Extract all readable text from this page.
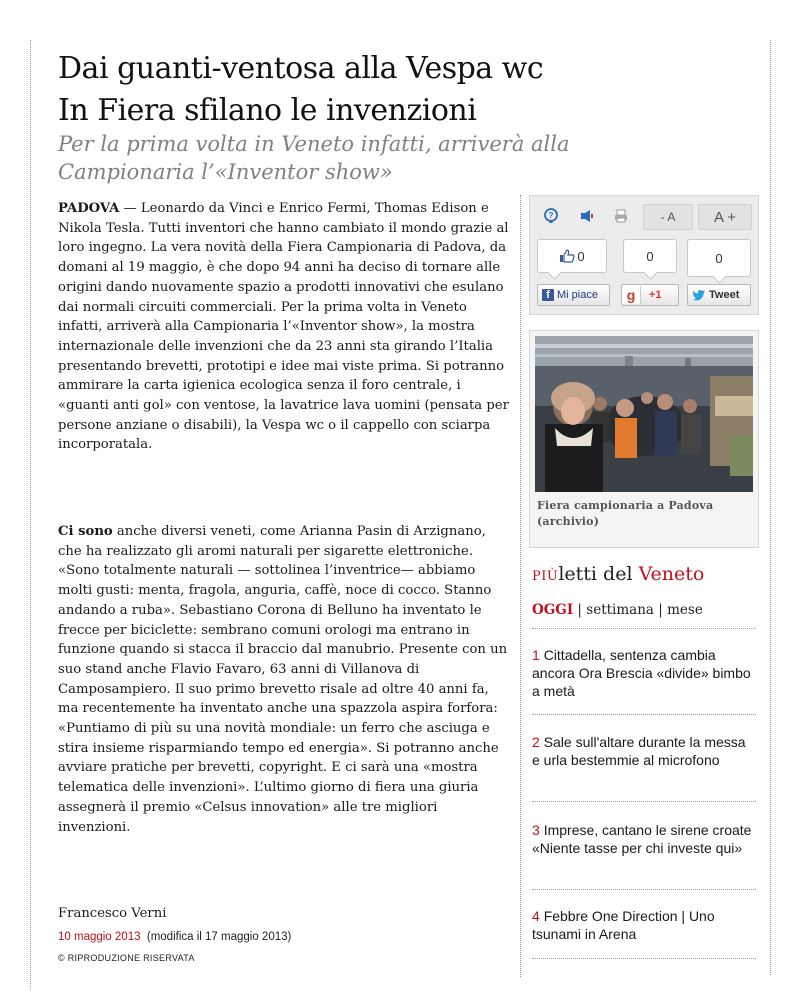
Dai guanti-ventosa alla Vespa wc
In Fiera sfilano le invenzioni
Per la prima volta in Veneto infatti, arriverà alla Campionaria l’«Inventor show»
PADOVA — Leonardo da Vinci e Enrico Fermi, Thomas Edison e Nikola Tesla. Tutti inventori che hanno cambiato il mondo grazie al loro ingegno. La vera novità della Fiera Campionaria di Padova, da domani al 19 maggio, è che dopo 94 anni ha deciso di tornare alle origini dando nuovamente spazio a prodotti innovativi che esulano dai normali circuiti commerciali. Per la prima volta in Veneto infatti, arriverà alla Campionaria l’«Inventor show», la mostra internazionale delle invenzioni che da 23 anni sta girando l’Italia presentando brevetti, prototipi e idee mai viste prima. Si potranno ammirare la carta igienica ecologica senza il foro centrale, i «guanti anti gol» con ventose, la lavatrice lava uomini (pensata per persone anziane o disabili), la Vespa wc o il cappello con sciarpa incorporatala.
Ci sono anche diversi veneti, come Arianna Pasin di Arzignano, che ha realizzato gli aromi naturali per sigarette elettroniche. «Sono totalmente naturali — sottolinea l’inventrice— abbiamo molti gusti: menta, fragola, anguria, caffè, noce di cocco. Stanno andando a ruba». Sebastiano Corona di Belluno ha inventato le frecce per biciclette: sembrano comuni orologi ma entrano in funzione quando si stacca il braccio dal manubrio. Presente con un suo stand anche Flavio Favaro, 63 anni di Villanova di Camposampiero. Il suo primo brevetto risale ad oltre 40 anni fa, ma recentemente ha inventato anche una spazzola aspira forfora: «Puntiamo di più su una novità mondiale: un ferro che asciuga e stira insieme risparmiando tempo ed energia». Si potranno anche avviare pratiche per brevetti, copyright. E ci sarà una «mostra telematica delle invenzioni». L’ultimo giorno di fiera una giuria assegnerà il premio «Celsus innovation» alle tre migliori invenzioni.
Francesco Verni
10 maggio 2013 (modifica il 17 maggio 2013)
© RIPRODUZIONE RISERVATA
?	- A	A +
0	0	0
f Mi piace	g	+1	Tweet
Fiera campionaria a Padova (archivio)
PIÙletti del Veneto
OGGI | settimana | mese
1 Cittadella, sentenza cambia ancora Ora Brescia «divide» bimbo a metà
2 Sale sull'altare durante la messa e urla bestemmie al microfono
3 Imprese, cantano le sirene croate «Niente tasse per chi investe qui»
4 Febbre One Direction | Uno tsunami in Arena
